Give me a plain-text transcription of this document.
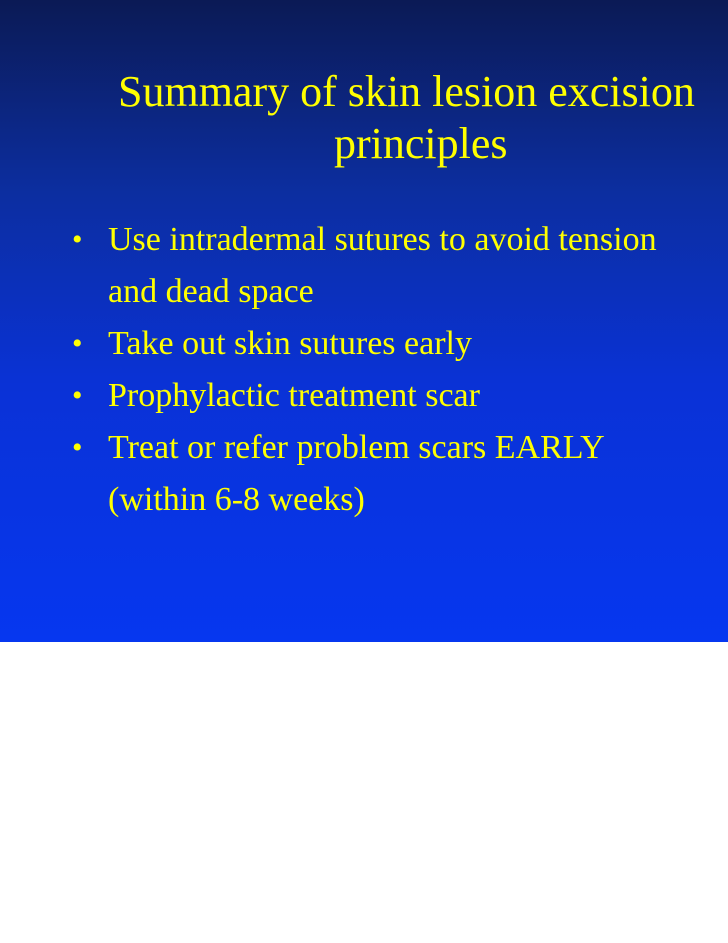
Summary of skin lesion excision
principles
• Use intradermal sutures to avoid tension
and dead space
• Take out skin sutures early
• Prophylactic treatment scar
• Treat or refer problem scars EARLY
(within 6-8 weeks)
